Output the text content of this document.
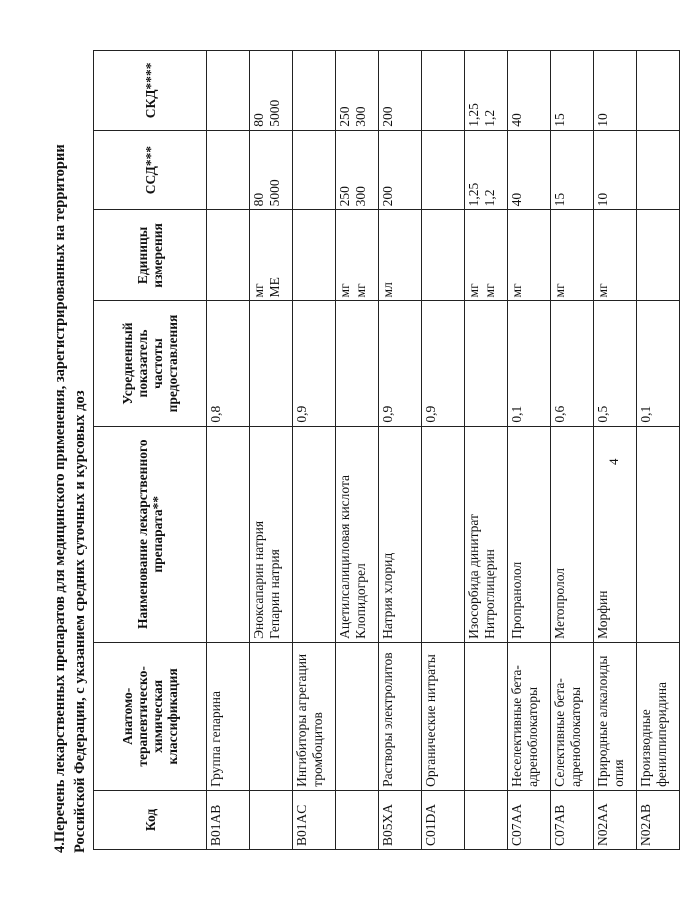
4.Перечень лекарственных препаратов для медицинского применения, зарегистрированных на территории Российской Федерации, с указанием средних суточных и курсовых доз	Код	Анатомо-терапевтическо-химическая классификация	Наименование лекарственного препарата**	Усредненный показатель частоты предоставления	Единицы измерения	ССД***	СКД****
B01AB	Группа гепарина		0,8			

		Эноксапарин натрия Гепарин натрия		мг МЕ	80 5000	80 5000

B01AC	Ингибиторы агрегации тромбоцитов		0,9			

		Ацетилсалициловая кислота Клопидогрел		мг мг	250 300	250 300

B05XA	Растворы электролитов	Натрия хлорид	0,9	мл	200	200
C01DA	Органические нитраты		0,9			

		Изосорбида динитрат Нитроглицерин		мг мг	1,25 1,2	1,25 1,2

C07AA	Неселективные бета-адреноблокаторы	Пропранолол	0,1	мг	40	40
C07AB	Селективные бета-адреноблокаторы	Метопролол	0,6	мг	15	15
N02AA	Природные алкалоиды опия	Морфин	0,5	мг	10	10
N02AB	Производные фенилпиперидина		0,1			
4
